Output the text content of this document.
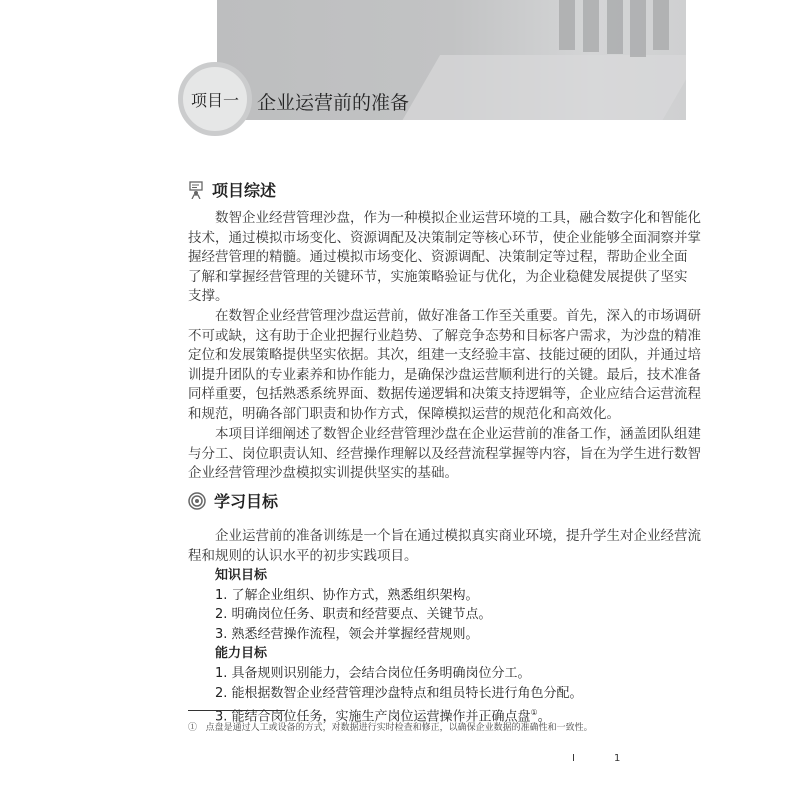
项目一 企业运营前的准备
项目综述
数智企业经营管理沙盘，作为一种模拟企业运营环境的工具，融合数字化和智能化
技术，通过模拟市场变化、资源调配及决策制定等核心环节，使企业能够全面洞察并掌
握经营管理的精髓。通过模拟市场变化、资源调配、决策制定等过程，帮助企业全面
了解和掌握经营管理的关键环节，实施策略验证与优化，为企业稳健发展提供了坚实
支撑。
在数智企业经营管理沙盘运营前，做好准备工作至关重要。首先，深入的市场调研
不可或缺，这有助于企业把握行业趋势、了解竞争态势和目标客户需求，为沙盘的精准
定位和发展策略提供坚实依据。其次，组建一支经验丰富、技能过硬的团队，并通过培
训提升团队的专业素养和协作能力，是确保沙盘运营顺利进行的关键。最后，技术准备
同样重要，包括熟悉系统界面、数据传递逻辑和决策支持逻辑等，企业应结合运营流程
和规范，明确各部门职责和协作方式，保障模拟运营的规范化和高效化。
本项目详细阐述了数智企业经营管理沙盘在企业运营前的准备工作，涵盖团队组建
与分工、岗位职责认知、经营操作理解以及经营流程掌握等内容，旨在为学生进行数智
企业经营管理沙盘模拟实训提供坚实的基础。
学习目标
企业运营前的准备训练是一个旨在通过模拟真实商业环境，提升学生对企业经营流
程和规则的认识水平的初步实践项目。
知识目标
1. 了解企业组织、协作方式，熟悉组织架构。
2. 明确岗位任务、职责和经营要点、关键节点。
3. 熟悉经营操作流程，领会并掌握经营规则。
能力目标
1. 具备规则识别能力，会结合岗位任务明确岗位分工。
2. 能根据数智企业经营管理沙盘特点和组员特长进行角色分配。
3. 能结合岗位任务，实施生产岗位运营操作并正确点盘①。
① 点盘是通过人工或设备的方式，对数据进行实时检查和修正，以确保企业数据的准确性和一致性。
I	1
